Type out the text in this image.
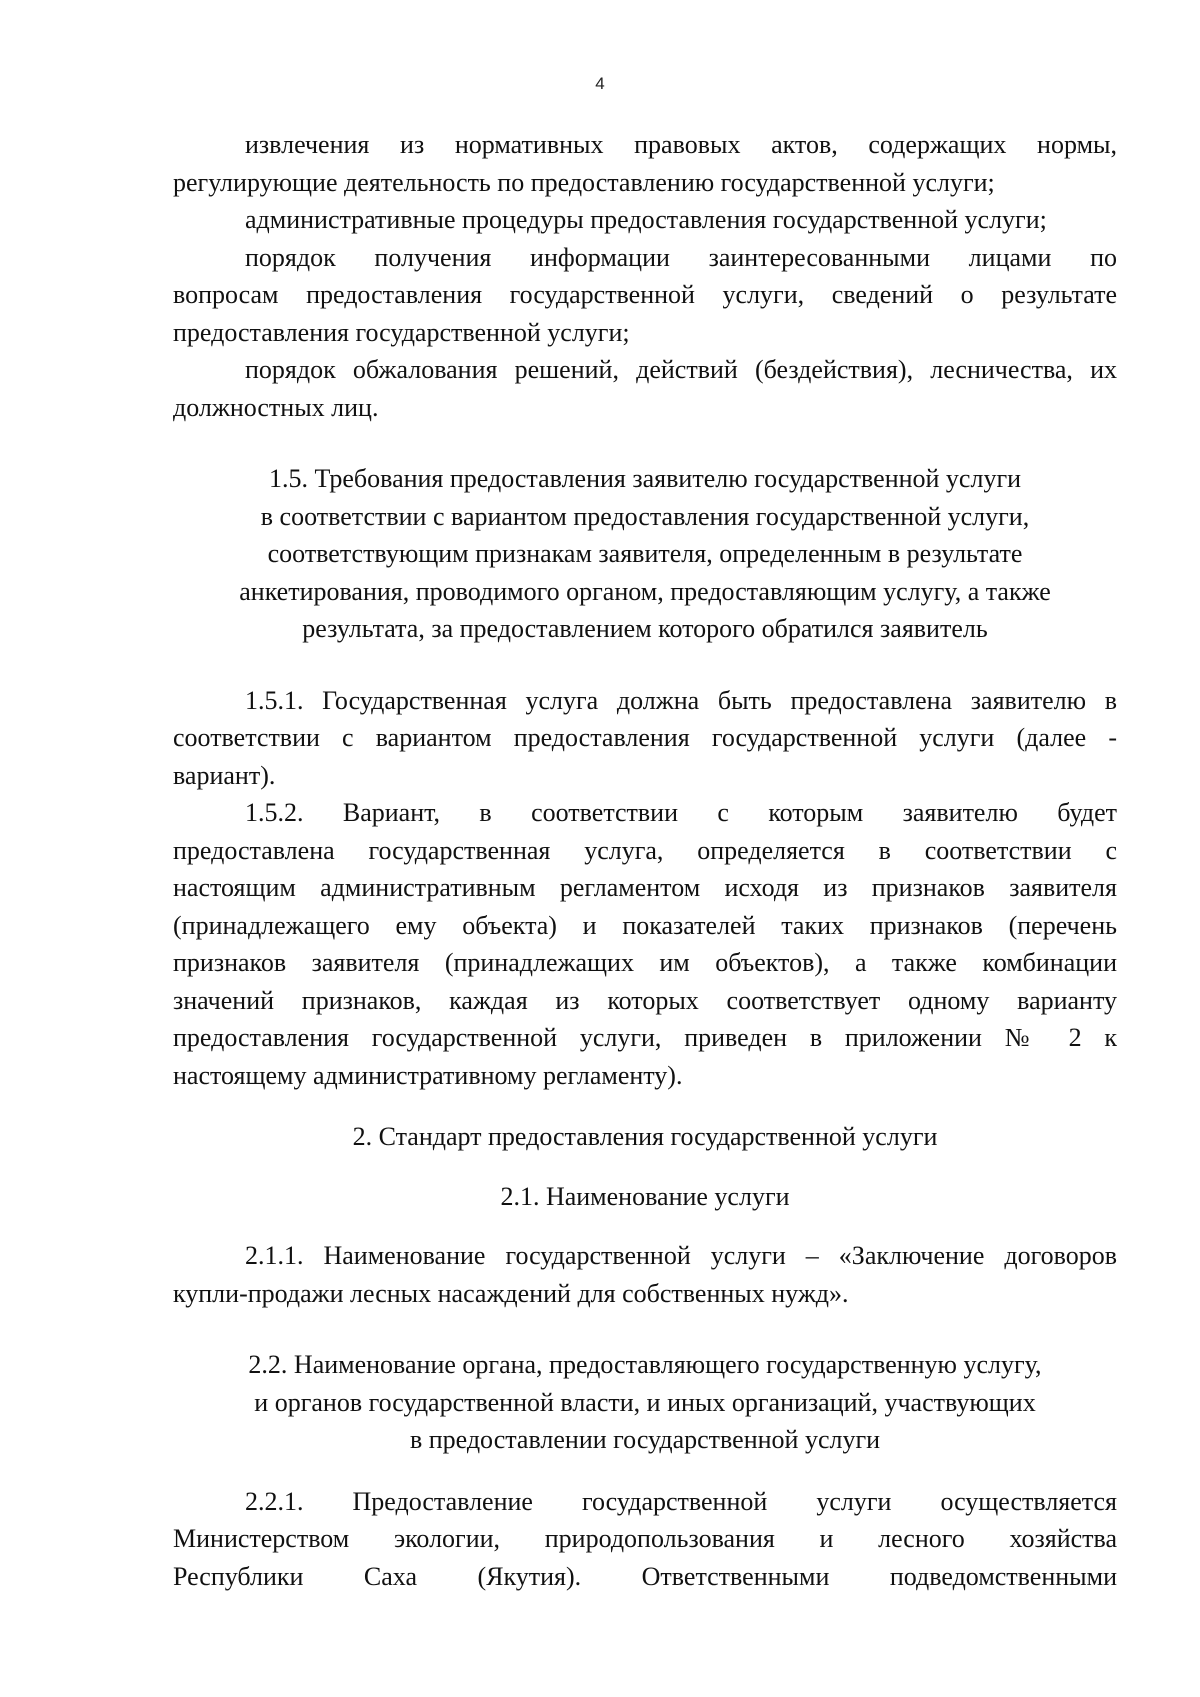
4

извлечения из нормативных правовых актов, содержащих нормы,
регулирующие деятельность по предоставлению государственной услуги;

административные процедуры предоставления государственной услуги;

порядок получения информации заинтересованными лицами по
вопросам предоставления государственной услуги, сведений о результате
предоставления государственной услуги;

порядок обжалования решений, действий (бездействия), лесничества, их
должностных лиц.

1.5. Требования предоставления заявителю государственной услуги
в соответствии с вариантом предоставления государственной услуги,
соответствующим признакам заявителя, определенным в результате
анкетирования, проводимого органом, предоставляющим услугу, а также
результата, за предоставлением которого обратился заявитель

1.5.1. Государственная услуга должна быть предоставлена заявителю в
соответствии с вариантом предоставления государственной услуги (далее -
вариант).

1.5.2. Вариант, в соответствии с которым заявителю будет
предоставлена государственная услуга, определяется в соответствии с
настоящим административным регламентом исходя из признаков заявителя
(принадлежащего ему объекта) и показателей таких признаков (перечень
признаков заявителя (принадлежащих им объектов), а также комбинации
значений признаков, каждая из которых соответствует одному варианту
предоставления государственной услуги, приведен в приложении № 2 к
настоящему административному регламенту).

2. Стандарт предоставления государственной услуги
2.1. Наименование услуги

2.1.1. Наименование государственной услуги – «Заключение договоров
купли-продажи лесных насаждений для собственных нужд».

2.2. Наименование органа, предоставляющего государственную услугу,
и органов государственной власти, и иных организаций, участвующих
в предоставлении государственной услуги

2.2.1. Предоставление государственной услуги осуществляется
Министерством экологии, природопользования и лесного хозяйства
Республики Саха (Якутия). Ответственными подведомственными
